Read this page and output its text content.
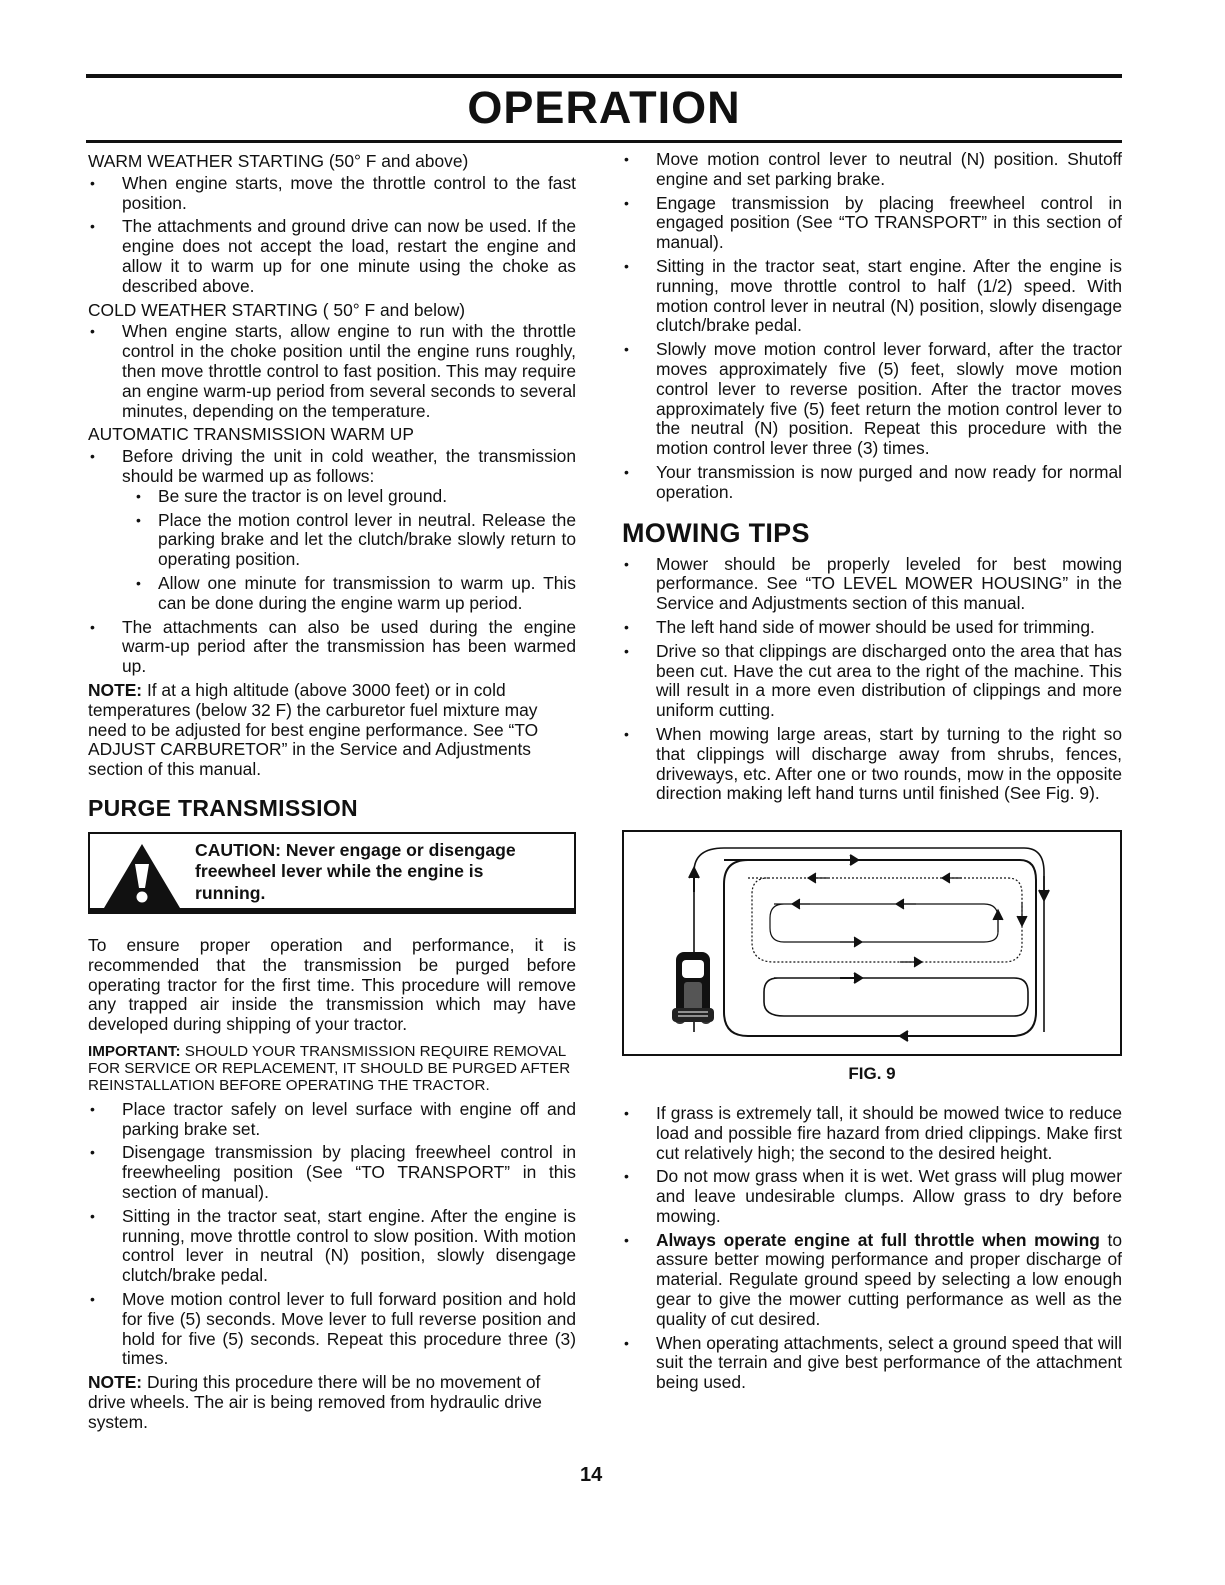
OPERATION

WARM WEATHER STARTING (50° F and above)

• When engine starts, move the throttle control to the fast position.
• The attachments and ground drive can now be used. If the engine does not accept the load, restart the engine and allow it to warm up for one minute using the choke as described above.

COLD WEATHER STARTING ( 50° F and below)

• When engine starts, allow engine to run with the throttle control in the choke position until the engine runs roughly, then move throttle control to fast position. This may require an engine warm-up period from several seconds to several minutes, depending on the temperature.

AUTOMATIC TRANSMISSION WARM UP

• Before driving the unit in cold weather, the transmission should be warmed up as follows:
• Be sure the tractor is on level ground.
• Place the motion control lever in neutral. Release the parking brake and let the clutch/brake slowly return to operating position.
• Allow one minute for transmission to warm up. This can be done during the engine warm up period.
• The attachments can also be used during the engine warm-up period after the transmission has been warmed up.

NOTE: If at a high altitude (above 3000 feet) or in cold temperatures (below 32 F) the carburetor fuel mixture may need to be adjusted for best engine performance. See “TO ADJUST CARBURETOR” in the Service and Adjustments section of this manual.

PURGE TRANSMISSION
CAUTION: Never engage or disengage freewheel lever while the engine is running.

To ensure proper operation and performance, it is recommended that the transmission be purged before operating tractor for the first time. This procedure will remove any trapped air inside the transmission which may have developed during shipping of your tractor.

IMPORTANT: SHOULD YOUR TRANSMISSION REQUIRE REMOVAL FOR SERVICE OR REPLACEMENT, IT SHOULD BE PURGED AFTER REINSTALLATION BEFORE OPERATING THE TRACTOR.

• Place tractor safely on level surface with engine off and parking brake set.
• Disengage transmission by placing freewheel control in freewheeling position (See “TO TRANSPORT” in this section of manual).
• Sitting in the tractor seat, start engine. After the engine is running, move throttle control to slow position. With motion control lever in neutral (N) position, slowly disengage clutch/brake pedal.
• Move motion control lever to full forward position and hold for five (5) seconds. Move lever to full reverse position and hold for five (5) seconds. Repeat this procedure three (3) times.

NOTE: During this procedure there will be no movement of drive wheels. The air is being removed from hydraulic drive system.

• Move motion control lever to neutral (N) position. Shutoff engine and set parking brake.
• Engage transmission by placing freewheel control in engaged position (See “TO TRANSPORT” in this section of manual).
• Sitting in the tractor seat, start engine. After the engine is running, move throttle control to half (1/2) speed. With motion control lever in neutral (N) position, slowly disengage clutch/brake pedal.
• Slowly move motion control lever forward, after the tractor moves approximately five (5) feet, slowly move motion control lever to reverse position. After the tractor moves approximately five (5) feet return the motion control lever to the neutral (N) position. Repeat this procedure with the motion control lever three (3) times.
• Your transmission is now purged and now ready for normal operation.
MOWING TIPS
• Mower should be properly leveled for best mowing performance. See “TO LEVEL MOWER HOUSING” in the Service and Adjustments section of this manual.
• The left hand side of mower should be used for trimming.
• Drive so that clippings are discharged onto the area that has been cut. Have the cut area to the right of the machine. This will result in a more even distribution of clippings and more uniform cutting.
• When mowing large areas, start by turning to the right so that clippings will discharge away from shrubs, fences, driveways, etc. After one or two rounds, mow in the opposite direction making left hand turns until finished (See Fig. 9).
FIG. 9
• If grass is extremely tall, it should be mowed twice to reduce load and possible fire hazard from dried clippings. Make first cut relatively high; the second to the desired height.
• Do not mow grass when it is wet. Wet grass will plug mower and leave undesirable clumps. Allow grass to dry before mowing.
• Always operate engine at full throttle when mowing to assure better mowing performance and proper discharge of material. Regulate ground speed by selecting a low enough gear to give the mower cutting performance as well as the quality of cut desired.
• When operating attachments, select a ground speed that will suit the terrain and give best performance of the attachment being used.
14
